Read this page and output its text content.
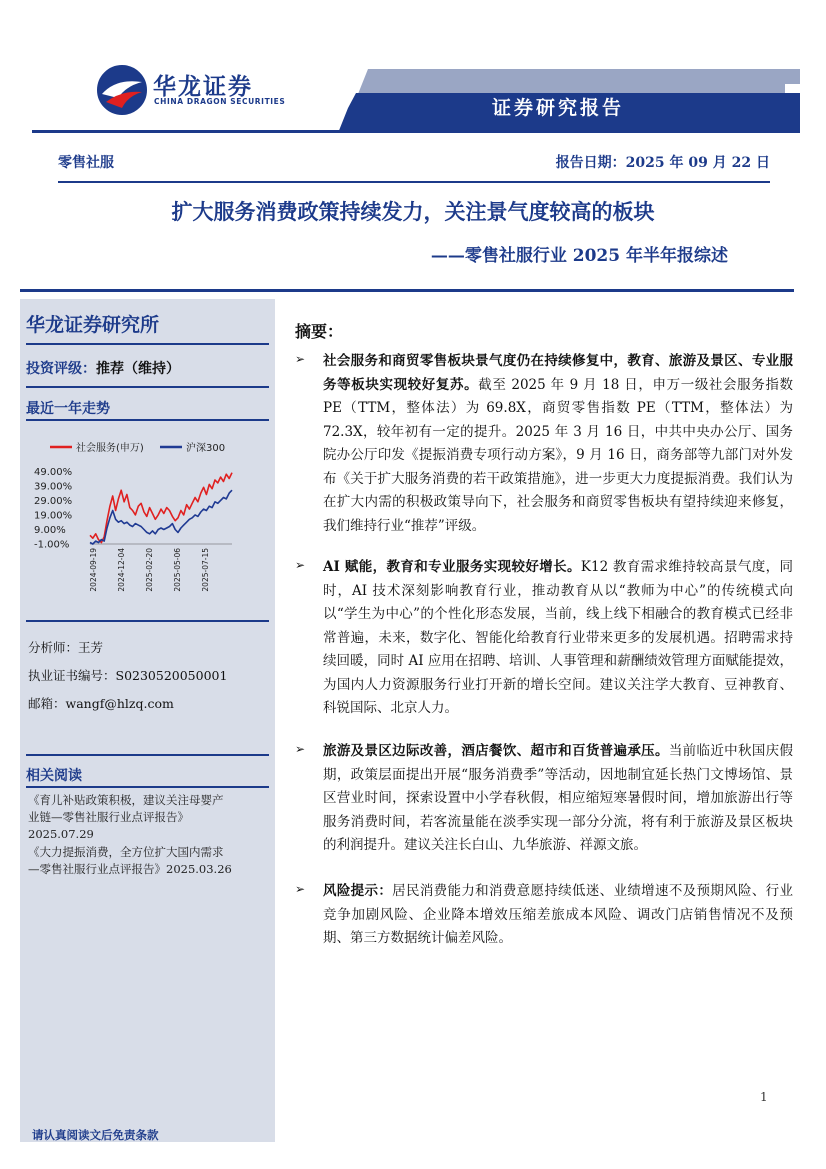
华龙证券
CHINA DRAGON SECURITIES	证券研究报告
零售社服	报告日期：2025 年 09 月 22 日
扩大服务消费政策持续发力，关注景气度较高的板块
——零售社服行业 2025 年半年报综述
华龙证券研究所
投资评级：推荐（维持）
最近一年走势
社会服务(申万)	沪深300
49.00%
39.00%
29.00%
19.00%
9.00%
-1.00%
2024-09-19	2024-12-04	2025-02-20	2025-05-06	2025-07-15
分析师：王芳
执业证书编号：S0230520050001
邮箱：wangf@hlzq.com
相关阅读
《育儿补贴政策积极，建议关注母婴产
业链—零售社服行业点评报告》
2025.07.29
《大力提振消费，全方位扩大国内需求
—零售社服行业点评报告》2025.03.26
摘要：
➢ 社会服务和商贸零售板块景气度仍在持续修复中，教育、旅游及景区、专业服务等板块实现较好复苏。截至 2025 年 9 月 18 日，申万一级社会服务指数 PE（TTM，整体法）为 69.8X，商贸零售指数 PE（TTM，整体法）为 72.3X，较年初有一定的提升。2025 年 3 月 16 日，中共中央办公厅、国务院办公厅印发《提振消费专项行动方案》，9 月 16 日，商务部等九部门对外发布《关于扩大服务消费的若干政策措施》，进一步更大力度提振消费。我们认为在扩大内需的积极政策导向下，社会服务和商贸零售板块有望持续迎来修复，我们维持行业“推荐”评级。
➢ AI 赋能，教育和专业服务实现较好增长。K12 教育需求维持较高景气度，同时，AI 技术深刻影响教育行业，推动教育从以“教师为中心”的传统模式向以“学生为中心”的个性化形态发展，当前，线上线下相融合的教育模式已经非常普遍，未来，数字化、智能化给教育行业带来更多的发展机遇。招聘需求持续回暖，同时 AI 应用在招聘、培训、人事管理和薪酬绩效管理方面赋能提效，为国内人力资源服务行业打开新的增长空间。建议关注学大教育、豆神教育、科锐国际、北京人力。
➢ 旅游及景区边际改善，酒店餐饮、超市和百货普遍承压。当前临近中秋国庆假期，政策层面提出开展“服务消费季”等活动，因地制宜延长热门文博场馆、景区营业时间，探索设置中小学春秋假，相应缩短寒暑假时间，增加旅游出行等服务消费时间，若客流量能在淡季实现一部分分流，将有利于旅游及景区板块的利润提升。建议关注长白山、九华旅游、祥源文旅。
➢ 风险提示：居民消费能力和消费意愿持续低迷、业绩增速不及预期风险、行业竞争加剧风险、企业降本增效压缩差旅成本风险、调改门店销售情况不及预期、第三方数据统计偏差风险。
1
请认真阅读文后免责条款
